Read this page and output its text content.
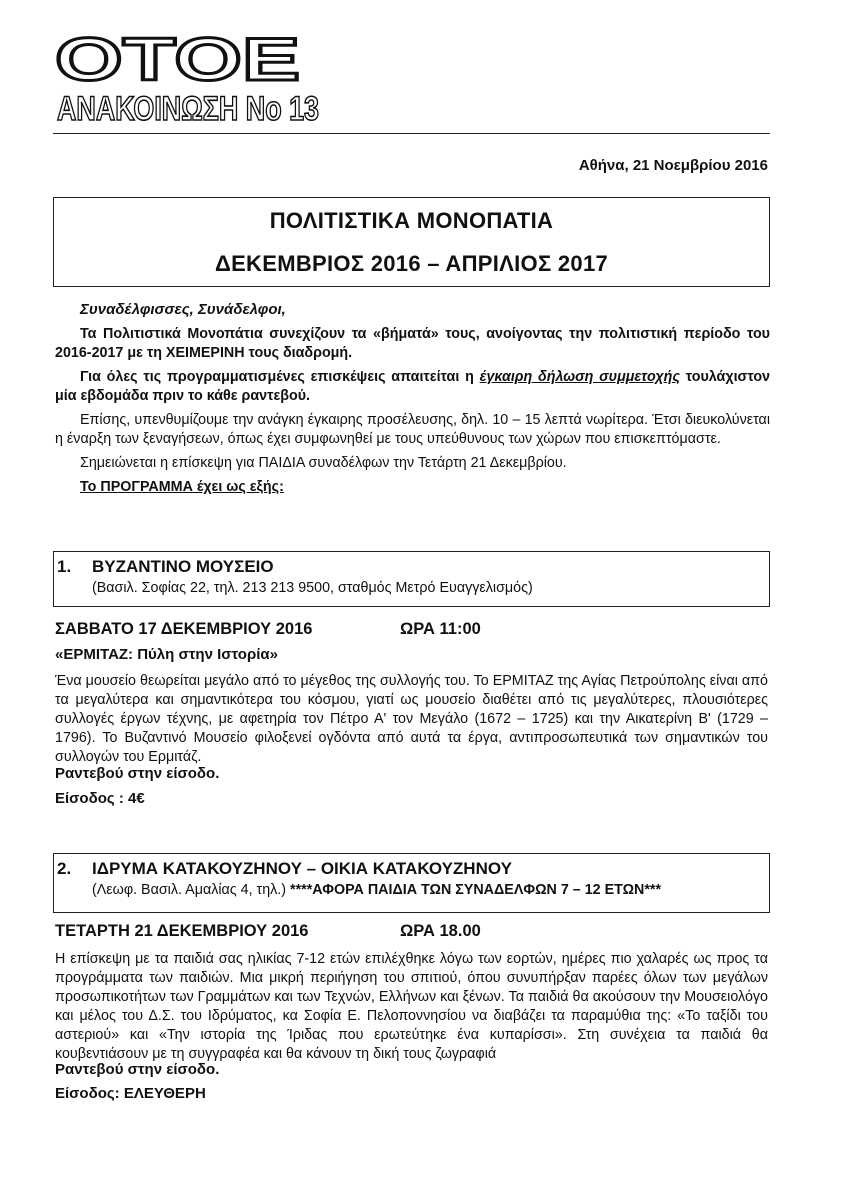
ΟΤΟΕ
ΑΝΑΚΟΙΝΩΣΗ Νο 13
Αθήνα, 21 Νοεμβρίου 2016
ΠΟΛΙΤΙΣΤΙΚΑ ΜΟΝΟΠΑΤΙΑ
ΔΕΚΕΜΒΡΙΟΣ 2016 – ΑΠΡΙΛΙΟΣ 2017

Συναδέλφισσες, Συνάδελφοι,

Τα Πολιτιστικά Μονοπάτια συνεχίζουν τα «βήματά» τους, ανοίγοντας την πολιτιστική περίοδο του 2016-2017 με τη ΧΕΙΜΕΡΙΝΗ τους διαδρομή.

Για όλες τις προγραμματισμένες επισκέψεις απαιτείται η έγκαιρη δήλωση συμμετοχής τουλάχιστον μία εβδομάδα πριν το κάθε ραντεβού.

Επίσης, υπενθυμίζουμε την ανάγκη έγκαιρης προσέλευσης, δηλ. 10 – 15 λεπτά νωρίτερα. Έτσι διευκολύνεται η έναρξη των ξεναγήσεων, όπως έχει συμφωνηθεί με τους υπεύθυνους των χώρων που επισκεπτόμαστε.

Σημειώνεται η επίσκεψη για ΠΑΙΔΙΑ συναδέλφων την Τετάρτη 21 Δεκεμβρίου.

Το ΠΡΟΓΡΑΜΜΑ έχει ως εξής:

1. ΒΥΖΑΝΤΙΝΟ ΜΟΥΣΕΙΟ
(Βασιλ. Σοφίας 22, τηλ. 213 213 9500, σταθμός Μετρό Ευαγγελισμός)
ΣΑΒΒΑΤΟ 17 ΔΕΚΕΜΒΡΙΟΥ 2016	ΩΡΑ 11:00
«ΕΡΜΙΤΑΖ: Πύλη στην Ιστορία»
Ένα μουσείο θεωρείται μεγάλο από το μέγεθος της συλλογής του. Το ΕΡΜΙΤΑΖ της Αγίας Πετρούπολης είναι από τα μεγαλύτερα και σημαντικότερα του κόσμου, γιατί ως μουσείο διαθέτει από τις μεγαλύτερες, πλουσιότερες συλλογές έργων τέχνης, με αφετηρία τον Πέτρο Α' τον Μεγάλο (1672 – 1725) και την Αικατερίνη Β' (1729 – 1796). Το Βυζαντινό Μουσείο φιλοξενεί ογδόντα από αυτά τα έργα, αντιπροσωπευτικά των σημαντικών του συλλογών του Ερμιτάζ.
Ραντεβού στην είσοδο.
Είσοδος : 4€
2. ΙΔΡΥΜΑ ΚΑΤΑΚΟΥΖΗΝΟΥ – ΟΙΚΙΑ ΚΑΤΑΚΟΥΖΗΝΟΥ
(Λεωφ. Βασιλ. Αμαλίας 4, τηλ.) ****ΑΦΟΡΑ ΠΑΙΔΙΑ ΤΩΝ ΣΥΝΑΔΕΛΦΩΝ 7 – 12 ΕΤΩΝ***
ΤΕΤΑΡΤΗ 21 ΔΕΚΕΜΒΡΙΟΥ 2016	ΩΡΑ 18.00
Η επίσκεψη με τα παιδιά σας ηλικίας 7-12 ετών επιλέχθηκε λόγω των εορτών, ημέρες πιο χαλαρές ως προς τα προγράμματα των παιδιών. Μια μικρή περιήγηση του σπιτιού, όπου συνυπήρξαν παρέες όλων των μεγάλων προσωπικοτήτων των Γραμμάτων και των Τεχνών, Ελλήνων και ξένων. Τα παιδιά θα ακούσουν την Μουσειολόγο και μέλος του Δ.Σ. του Ιδρύματος, κα Σοφία Ε. Πελοποννησίου να διαβάζει τα παραμύθια της: «Το ταξίδι του αστεριού» και «Την ιστορία της Ίριδας που ερωτεύτηκε ένα κυπαρίσσι». Στη συνέχεια τα παιδιά θα κουβεντιάσουν με τη συγγραφέα και θα κάνουν τη δική τους ζωγραφιά
Ραντεβού στην είσοδο.
Είσοδος: ΕΛΕΥΘΕΡΗ
